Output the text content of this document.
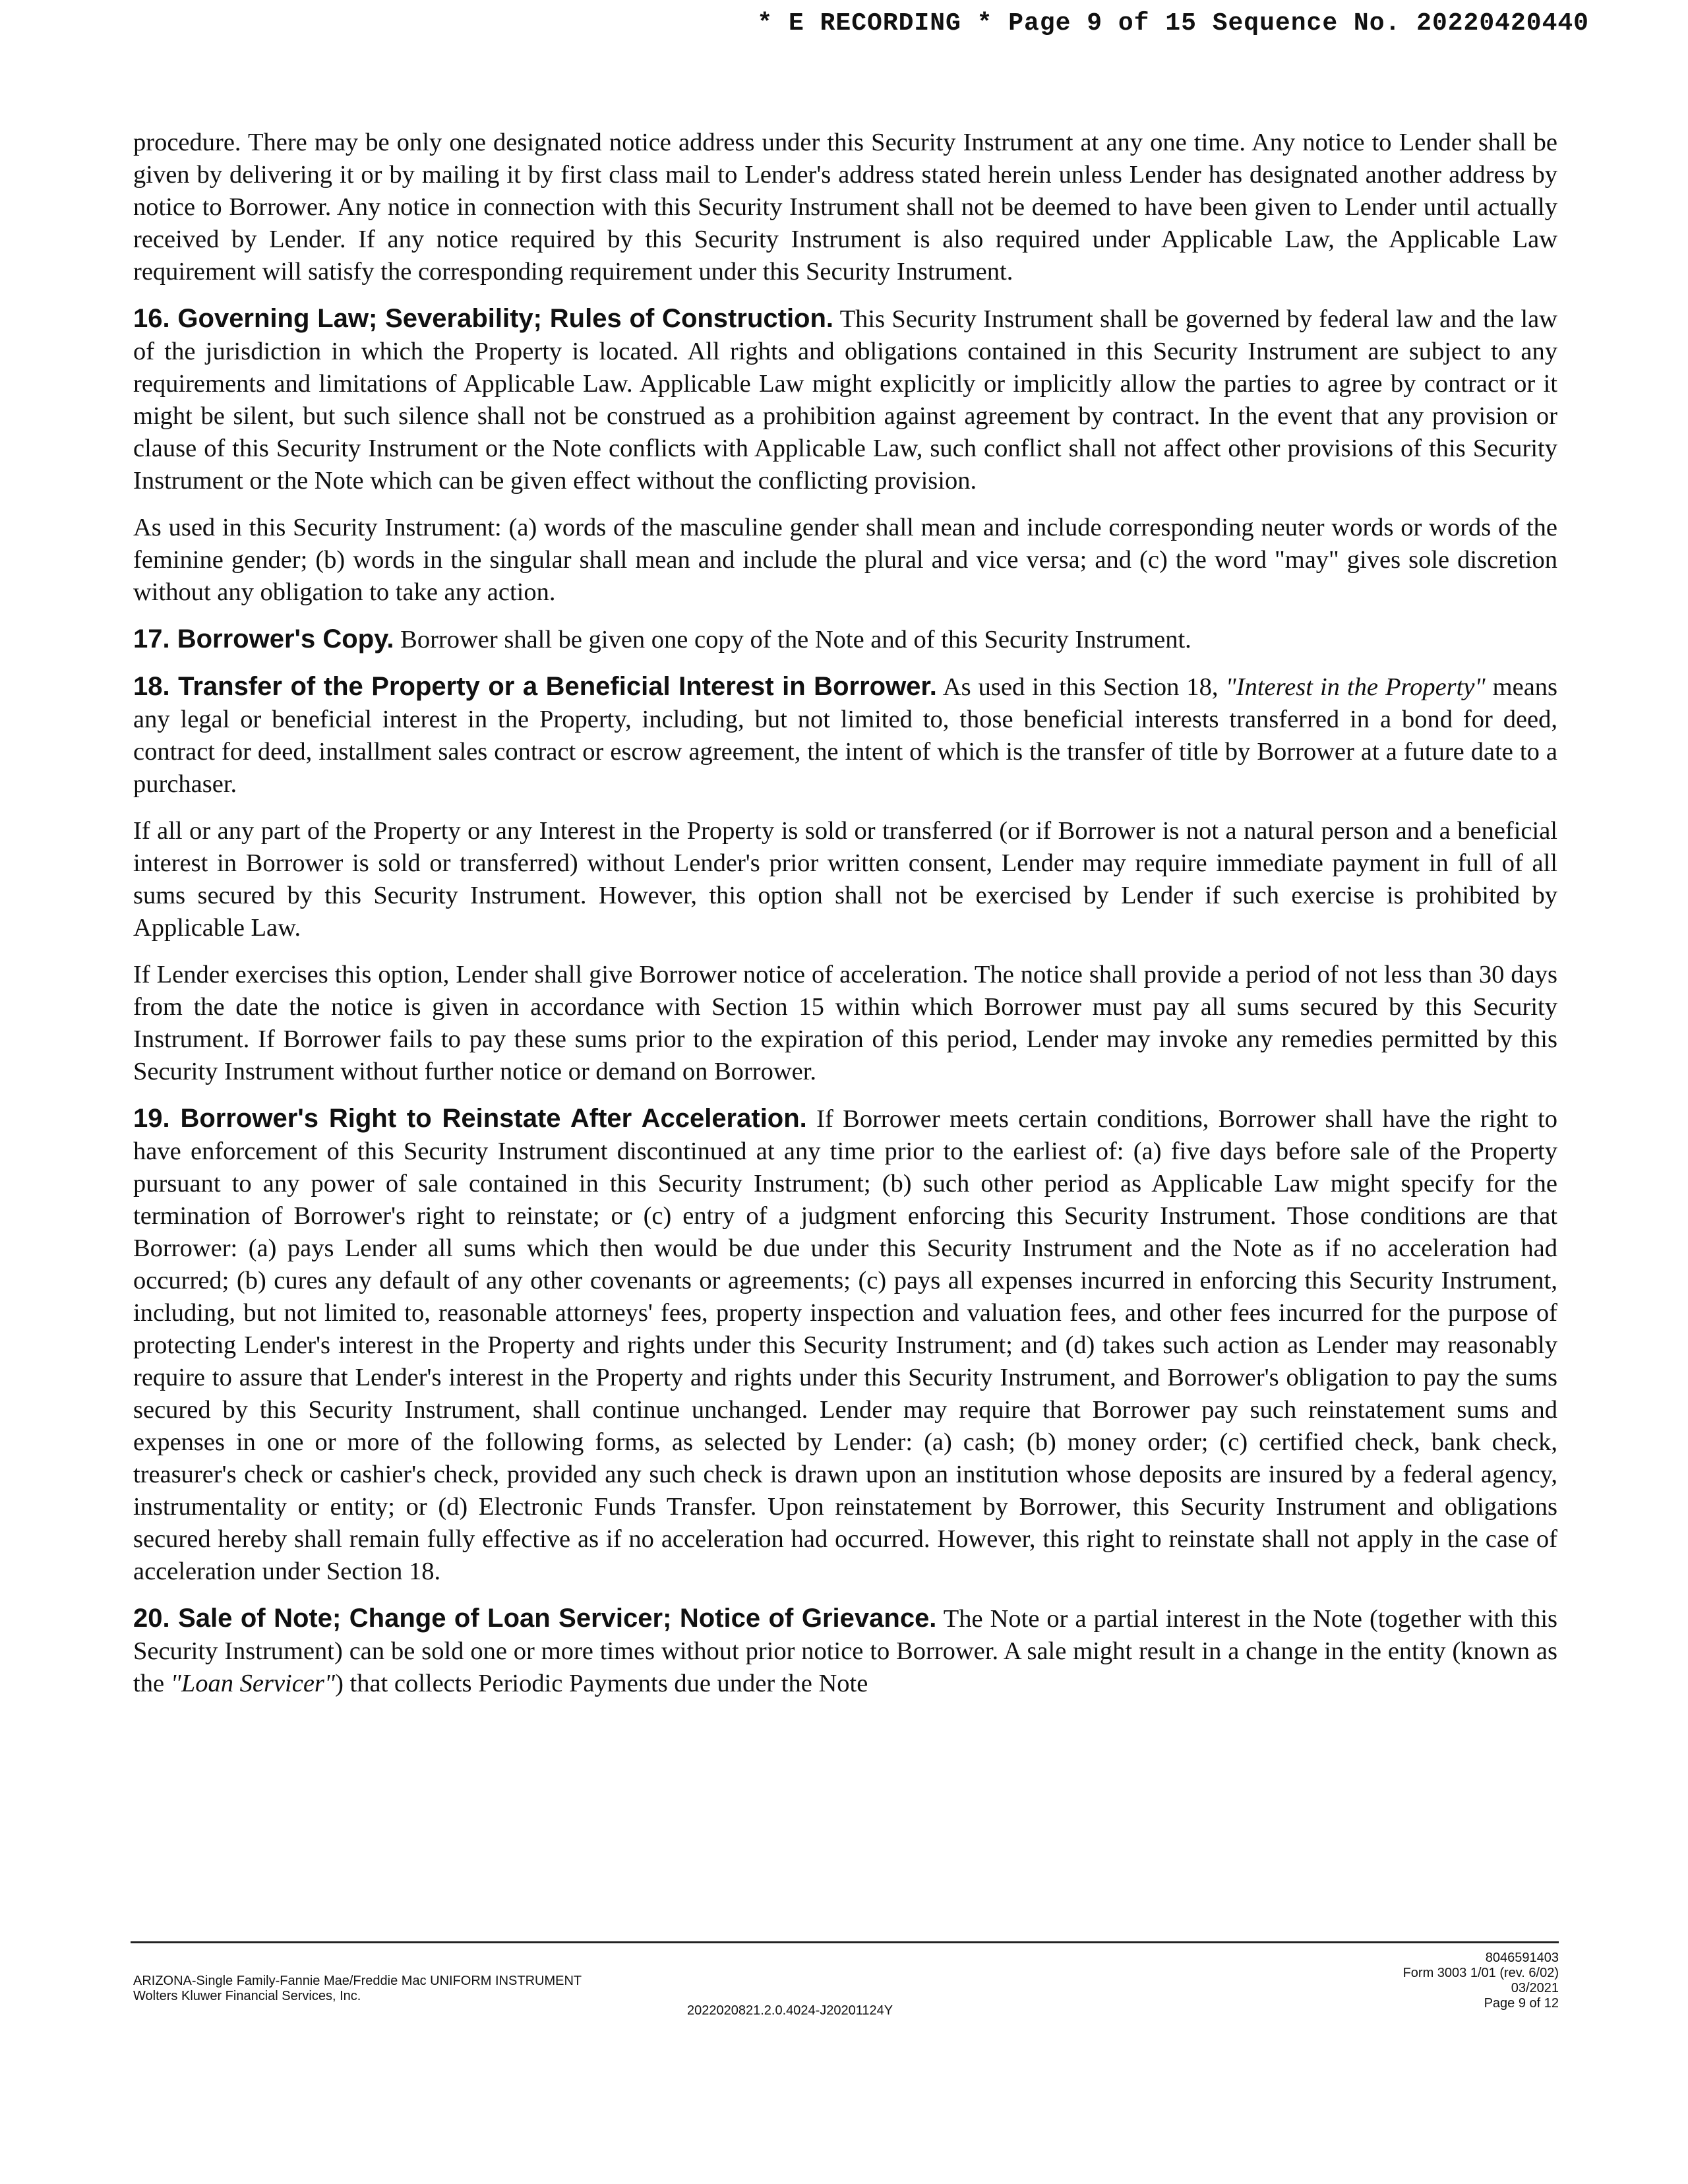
* E RECORDING * Page 9 of 15 Sequence No. 20220420440

procedure. There may be only one designated notice address under this Security Instrument at any one time. Any notice to Lender shall be given by delivering it or by mailing it by first class mail to Lender's address stated herein unless Lender has designated another address by notice to Borrower. Any notice in connection with this Security Instrument shall not be deemed to have been given to Lender until actually received by Lender. If any notice required by this Security Instrument is also required under Applicable Law, the Applicable Law requirement will satisfy the corresponding requirement under this Security Instrument.

16. Governing Law; Severability; Rules of Construction. This Security Instrument shall be governed by federal law and the law of the jurisdiction in which the Property is located. All rights and obligations contained in this Security Instrument are subject to any requirements and limitations of Applicable Law. Applicable Law might explicitly or implicitly allow the parties to agree by contract or it might be silent, but such silence shall not be construed as a prohibition against agreement by contract. In the event that any provision or clause of this Security Instrument or the Note conflicts with Applicable Law, such conflict shall not affect other provisions of this Security Instrument or the Note which can be given effect without the conflicting provision.

As used in this Security Instrument: (a) words of the masculine gender shall mean and include corresponding neuter words or words of the feminine gender; (b) words in the singular shall mean and include the plural and vice versa; and (c) the word "may" gives sole discretion without any obligation to take any action.

17. Borrower's Copy. Borrower shall be given one copy of the Note and of this Security Instrument.

18. Transfer of the Property or a Beneficial Interest in Borrower. As used in this Section 18, "Interest in the Property" means any legal or beneficial interest in the Property, including, but not limited to, those beneficial interests transferred in a bond for deed, contract for deed, installment sales contract or escrow agreement, the intent of which is the transfer of title by Borrower at a future date to a purchaser.

If all or any part of the Property or any Interest in the Property is sold or transferred (or if Borrower is not a natural person and a beneficial interest in Borrower is sold or transferred) without Lender's prior written consent, Lender may require immediate payment in full of all sums secured by this Security Instrument. However, this option shall not be exercised by Lender if such exercise is prohibited by Applicable Law.

If Lender exercises this option, Lender shall give Borrower notice of acceleration. The notice shall provide a period of not less than 30 days from the date the notice is given in accordance with Section 15 within which Borrower must pay all sums secured by this Security Instrument. If Borrower fails to pay these sums prior to the expiration of this period, Lender may invoke any remedies permitted by this Security Instrument without further notice or demand on Borrower.

19. Borrower's Right to Reinstate After Acceleration. If Borrower meets certain conditions, Borrower shall have the right to have enforcement of this Security Instrument discontinued at any time prior to the earliest of: (a) five days before sale of the Property pursuant to any power of sale contained in this Security Instrument; (b) such other period as Applicable Law might specify for the termination of Borrower's right to reinstate; or (c) entry of a judgment enforcing this Security Instrument. Those conditions are that Borrower: (a) pays Lender all sums which then would be due under this Security Instrument and the Note as if no acceleration had occurred; (b) cures any default of any other covenants or agreements; (c) pays all expenses incurred in enforcing this Security Instrument, including, but not limited to, reasonable attorneys' fees, property inspection and valuation fees, and other fees incurred for the purpose of protecting Lender's interest in the Property and rights under this Security Instrument; and (d) takes such action as Lender may reasonably require to assure that Lender's interest in the Property and rights under this Security Instrument, and Borrower's obligation to pay the sums secured by this Security Instrument, shall continue unchanged. Lender may require that Borrower pay such reinstatement sums and expenses in one or more of the following forms, as selected by Lender: (a) cash; (b) money order; (c) certified check, bank check, treasurer's check or cashier's check, provided any such check is drawn upon an institution whose deposits are insured by a federal agency, instrumentality or entity; or (d) Electronic Funds Transfer. Upon reinstatement by Borrower, this Security Instrument and obligations secured hereby shall remain fully effective as if no acceleration had occurred. However, this right to reinstate shall not apply in the case of acceleration under Section 18.

20. Sale of Note; Change of Loan Servicer; Notice of Grievance. The Note or a partial interest in the Note (together with this Security Instrument) can be sold one or more times without prior notice to Borrower. A sale might result in a change in the entity (known as the "Loan Servicer") that collects Periodic Payments due under the Note

ARIZONA-Single Family-Fannie Mae/Freddie Mac UNIFORM INSTRUMENT
Wolters Kluwer Financial Services, Inc.
2022020821.2.0.4024-J20201124Y
8046591403
Form 3003 1/01 (rev. 6/02)
03/2021
Page 9 of 12
